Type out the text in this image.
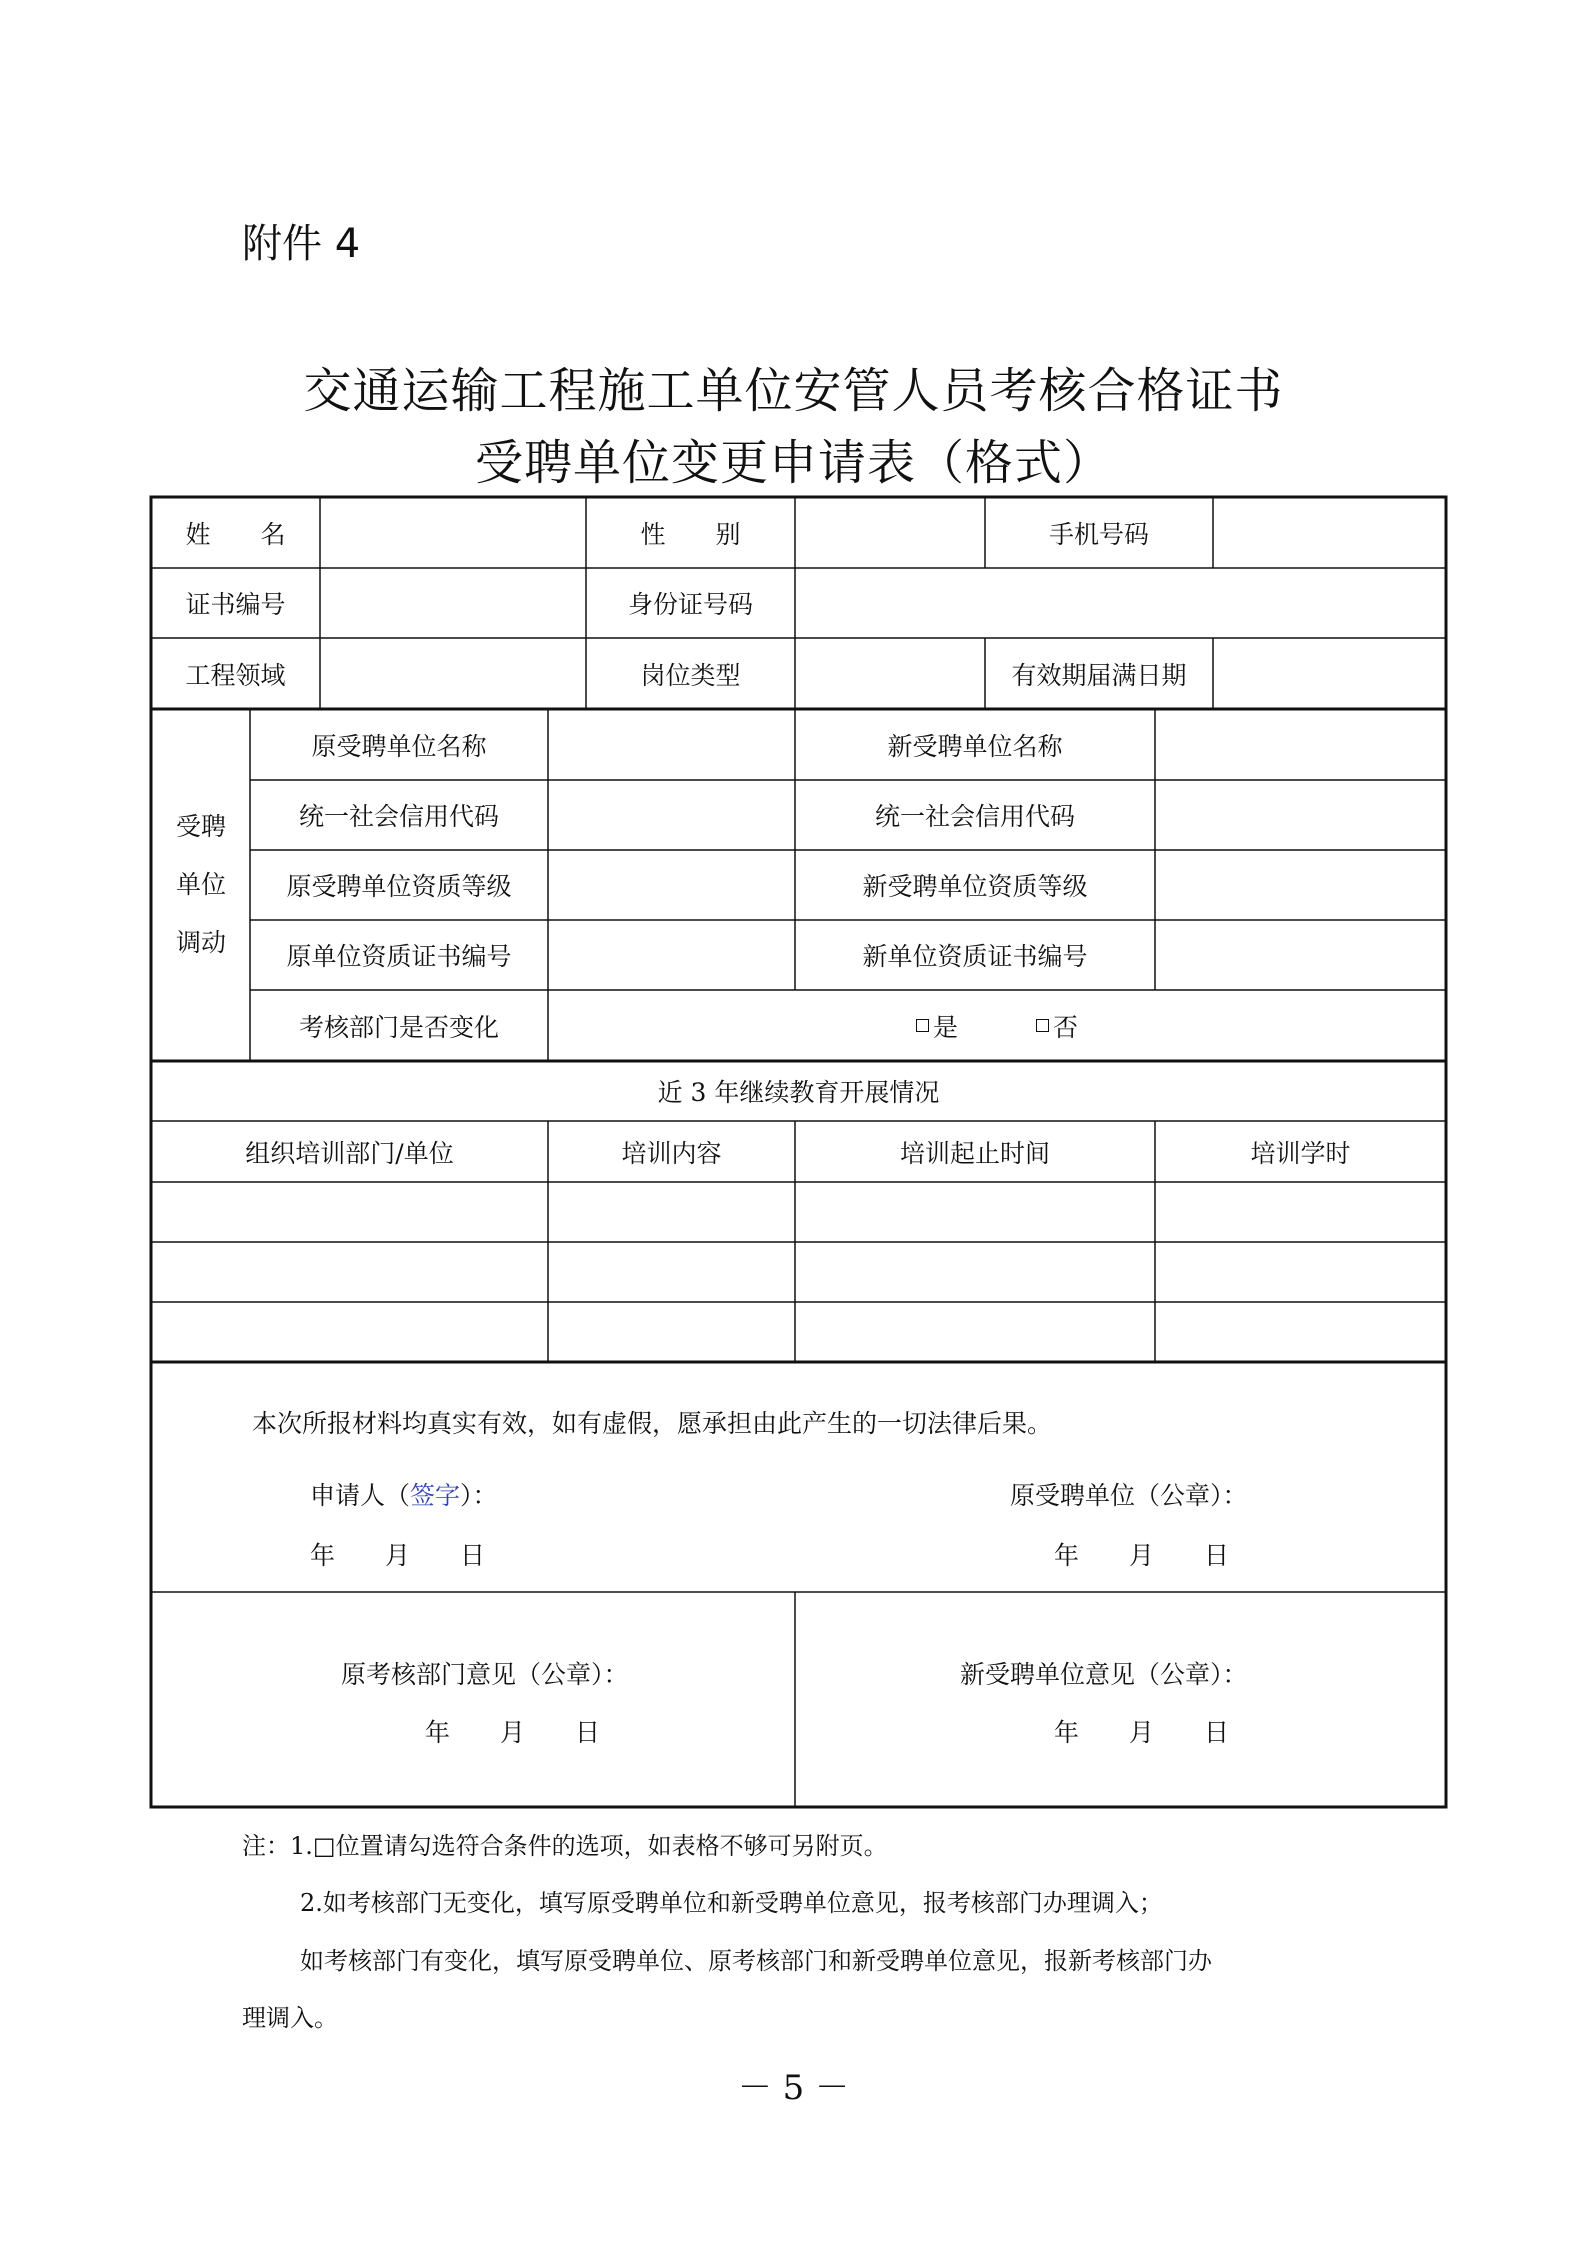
附件 4
交通运输工程施工单位安管人员考核合格证书
受聘单位变更申请表（格式）
姓　　名	性　　别	手机号码
证书编号	身份证号码
工程领域	岗位类型	有效期届满日期
受聘
单位
调动
原受聘单位名称	新受聘单位名称
统一社会信用代码	统一社会信用代码
原受聘单位资质等级	新受聘单位资质等级
原单位资质证书编号	新单位资质证书编号
考核部门是否变化	是	否
近 3 年继续教育开展情况
组织培训部门/单位	培训内容	培训起止时间	培训学时
本次所报材料均真实有效，如有虚假，愿承担由此产生的一切法律后果。
申请人（签字）：	原受聘单位（公章）：
年　　月　　日	年　　月　　日
原考核部门意见（公章）：
年　　月　　日
新受聘单位意见（公章）：
年　　月　　日
注：1.□位置请勾选符合条件的选项，如表格不够可另附页。
2.如考核部门无变化，填写原受聘单位和新受聘单位意见，报考核部门办理调入；
如考核部门有变化，填写原受聘单位、原考核部门和新受聘单位意见，报新考核部门办
理调入。
－ 5 －
